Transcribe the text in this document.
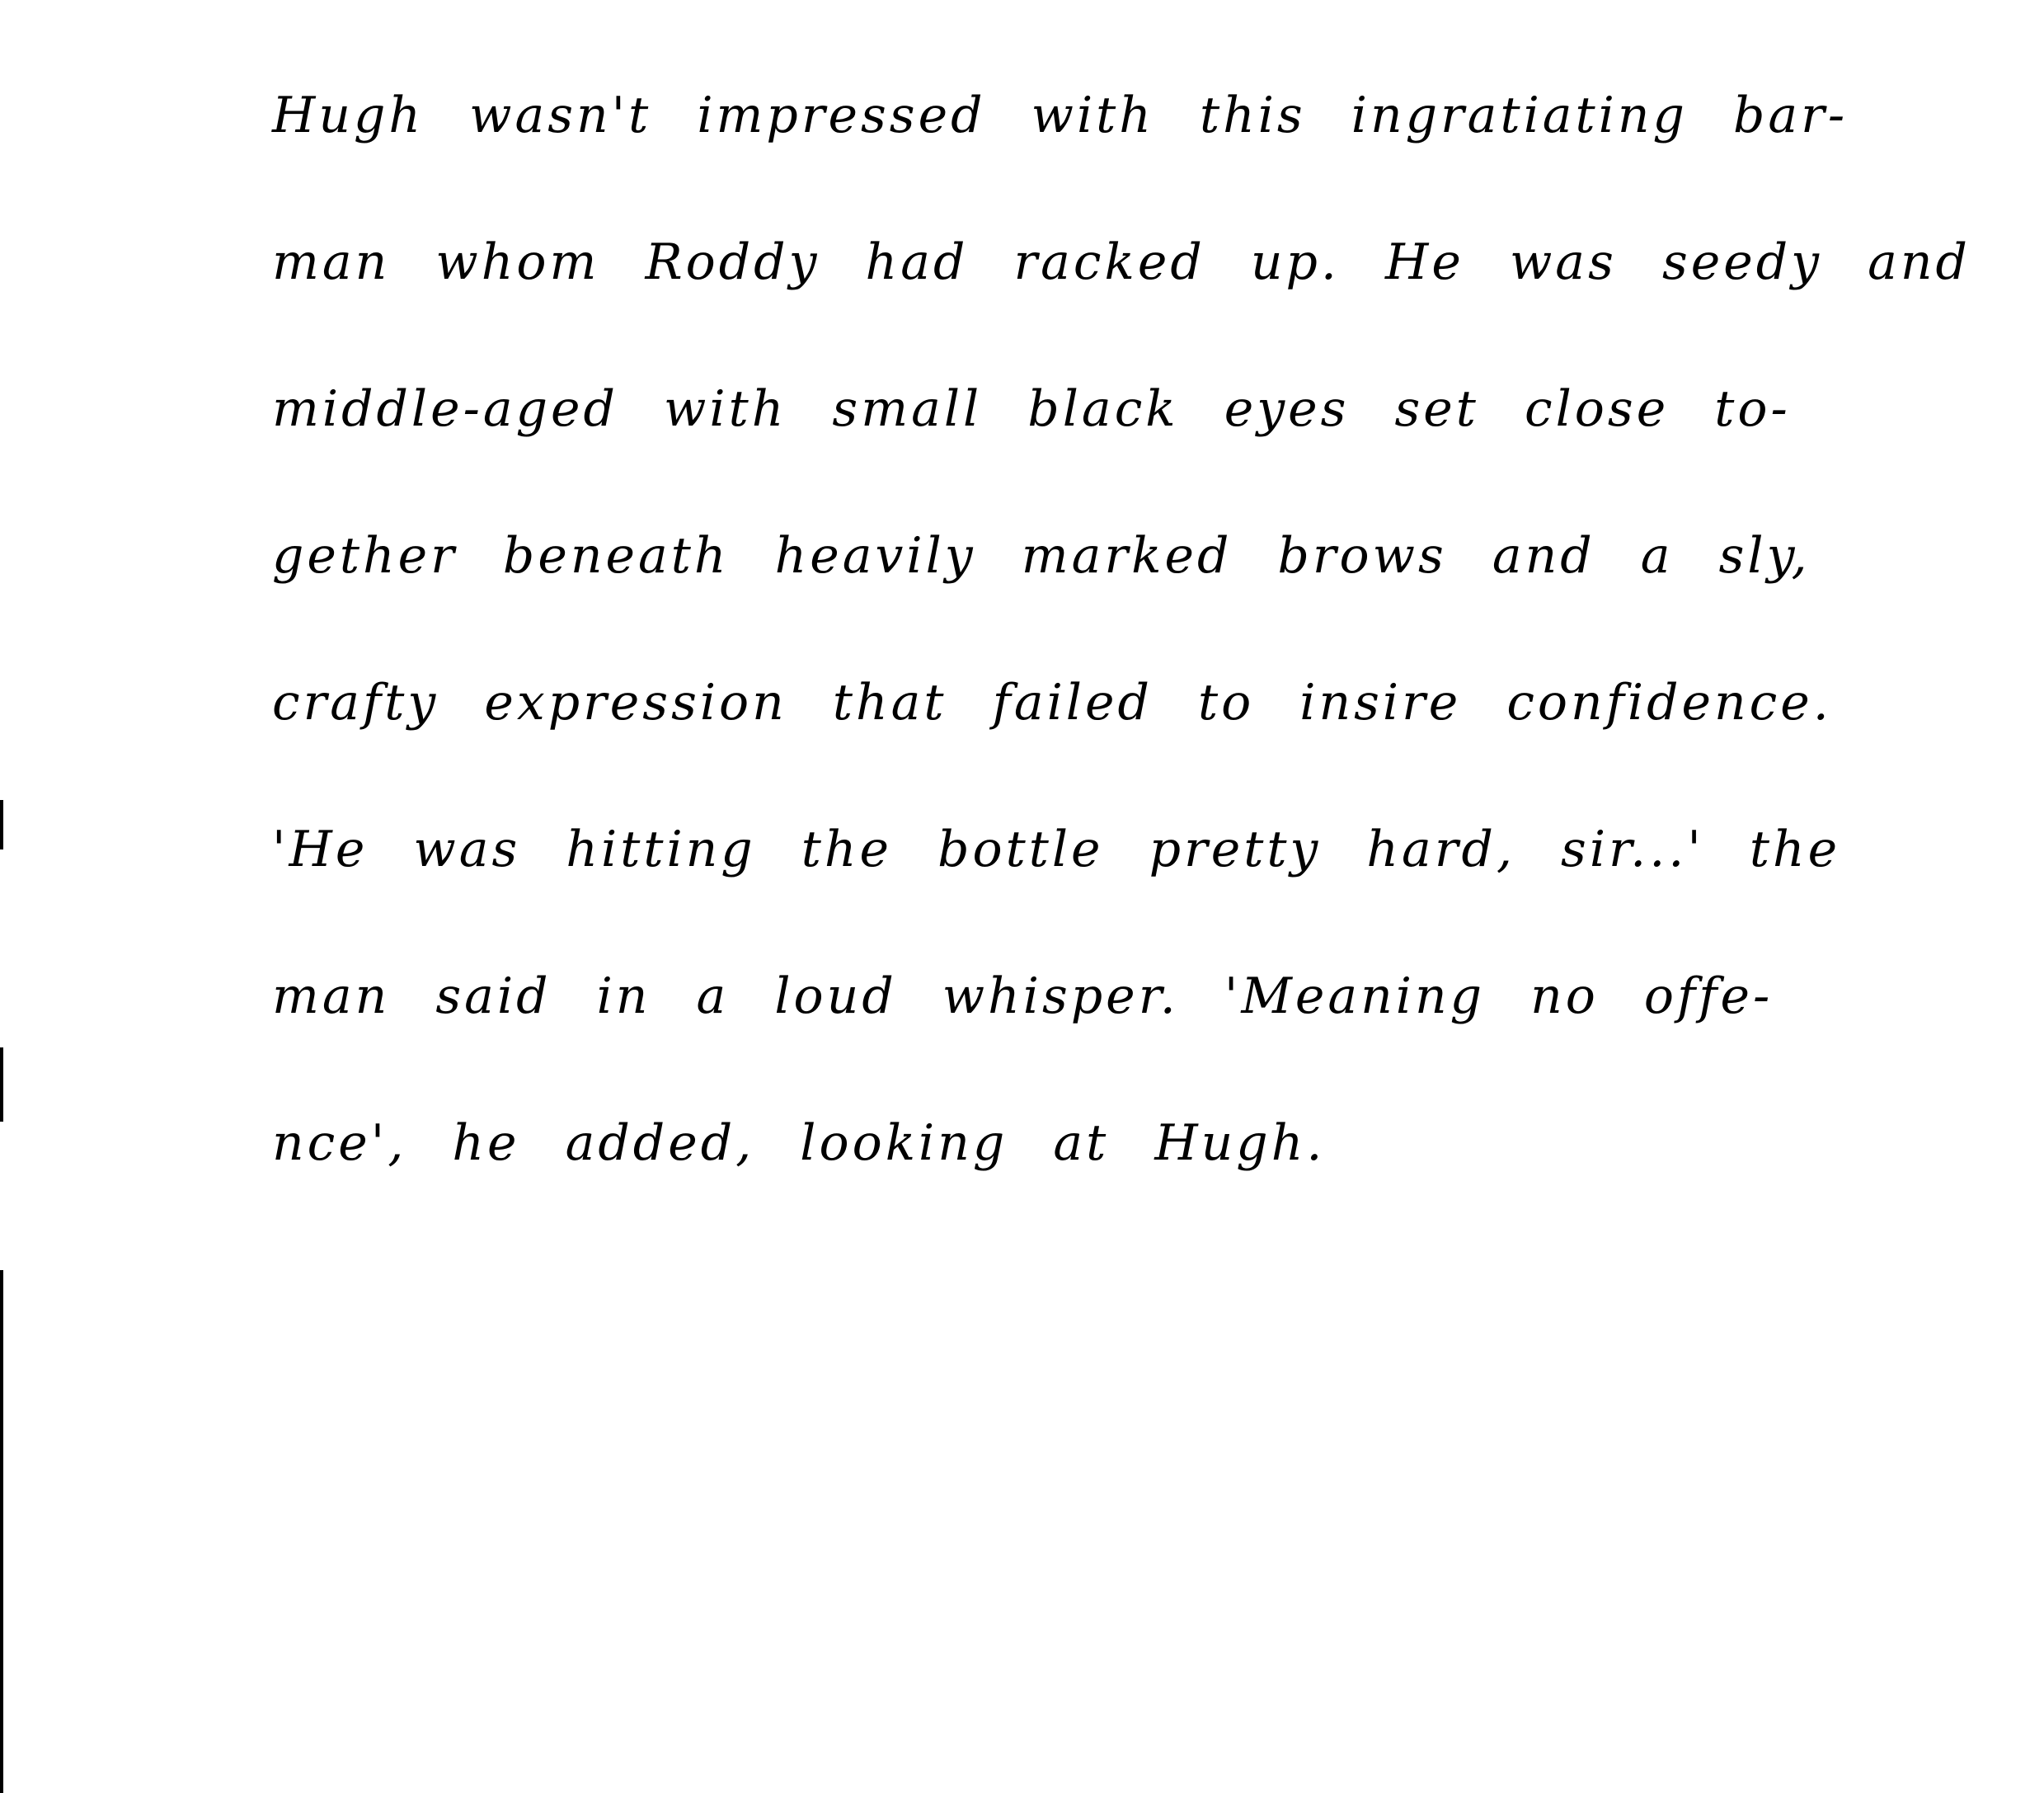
Hugh wasn't impressed with this ingratiating bar-
man whom Roddy had racked up. He was seedy and
middle-aged with small black eyes set close to-
gether beneath heavily marked brows and a sly,
crafty expression that failed to insire confidence.
'He was hitting the bottle pretty hard, sir...' the
man said in a loud whisper. 'Meaning no offe-
nce', he added, looking at Hugh.
